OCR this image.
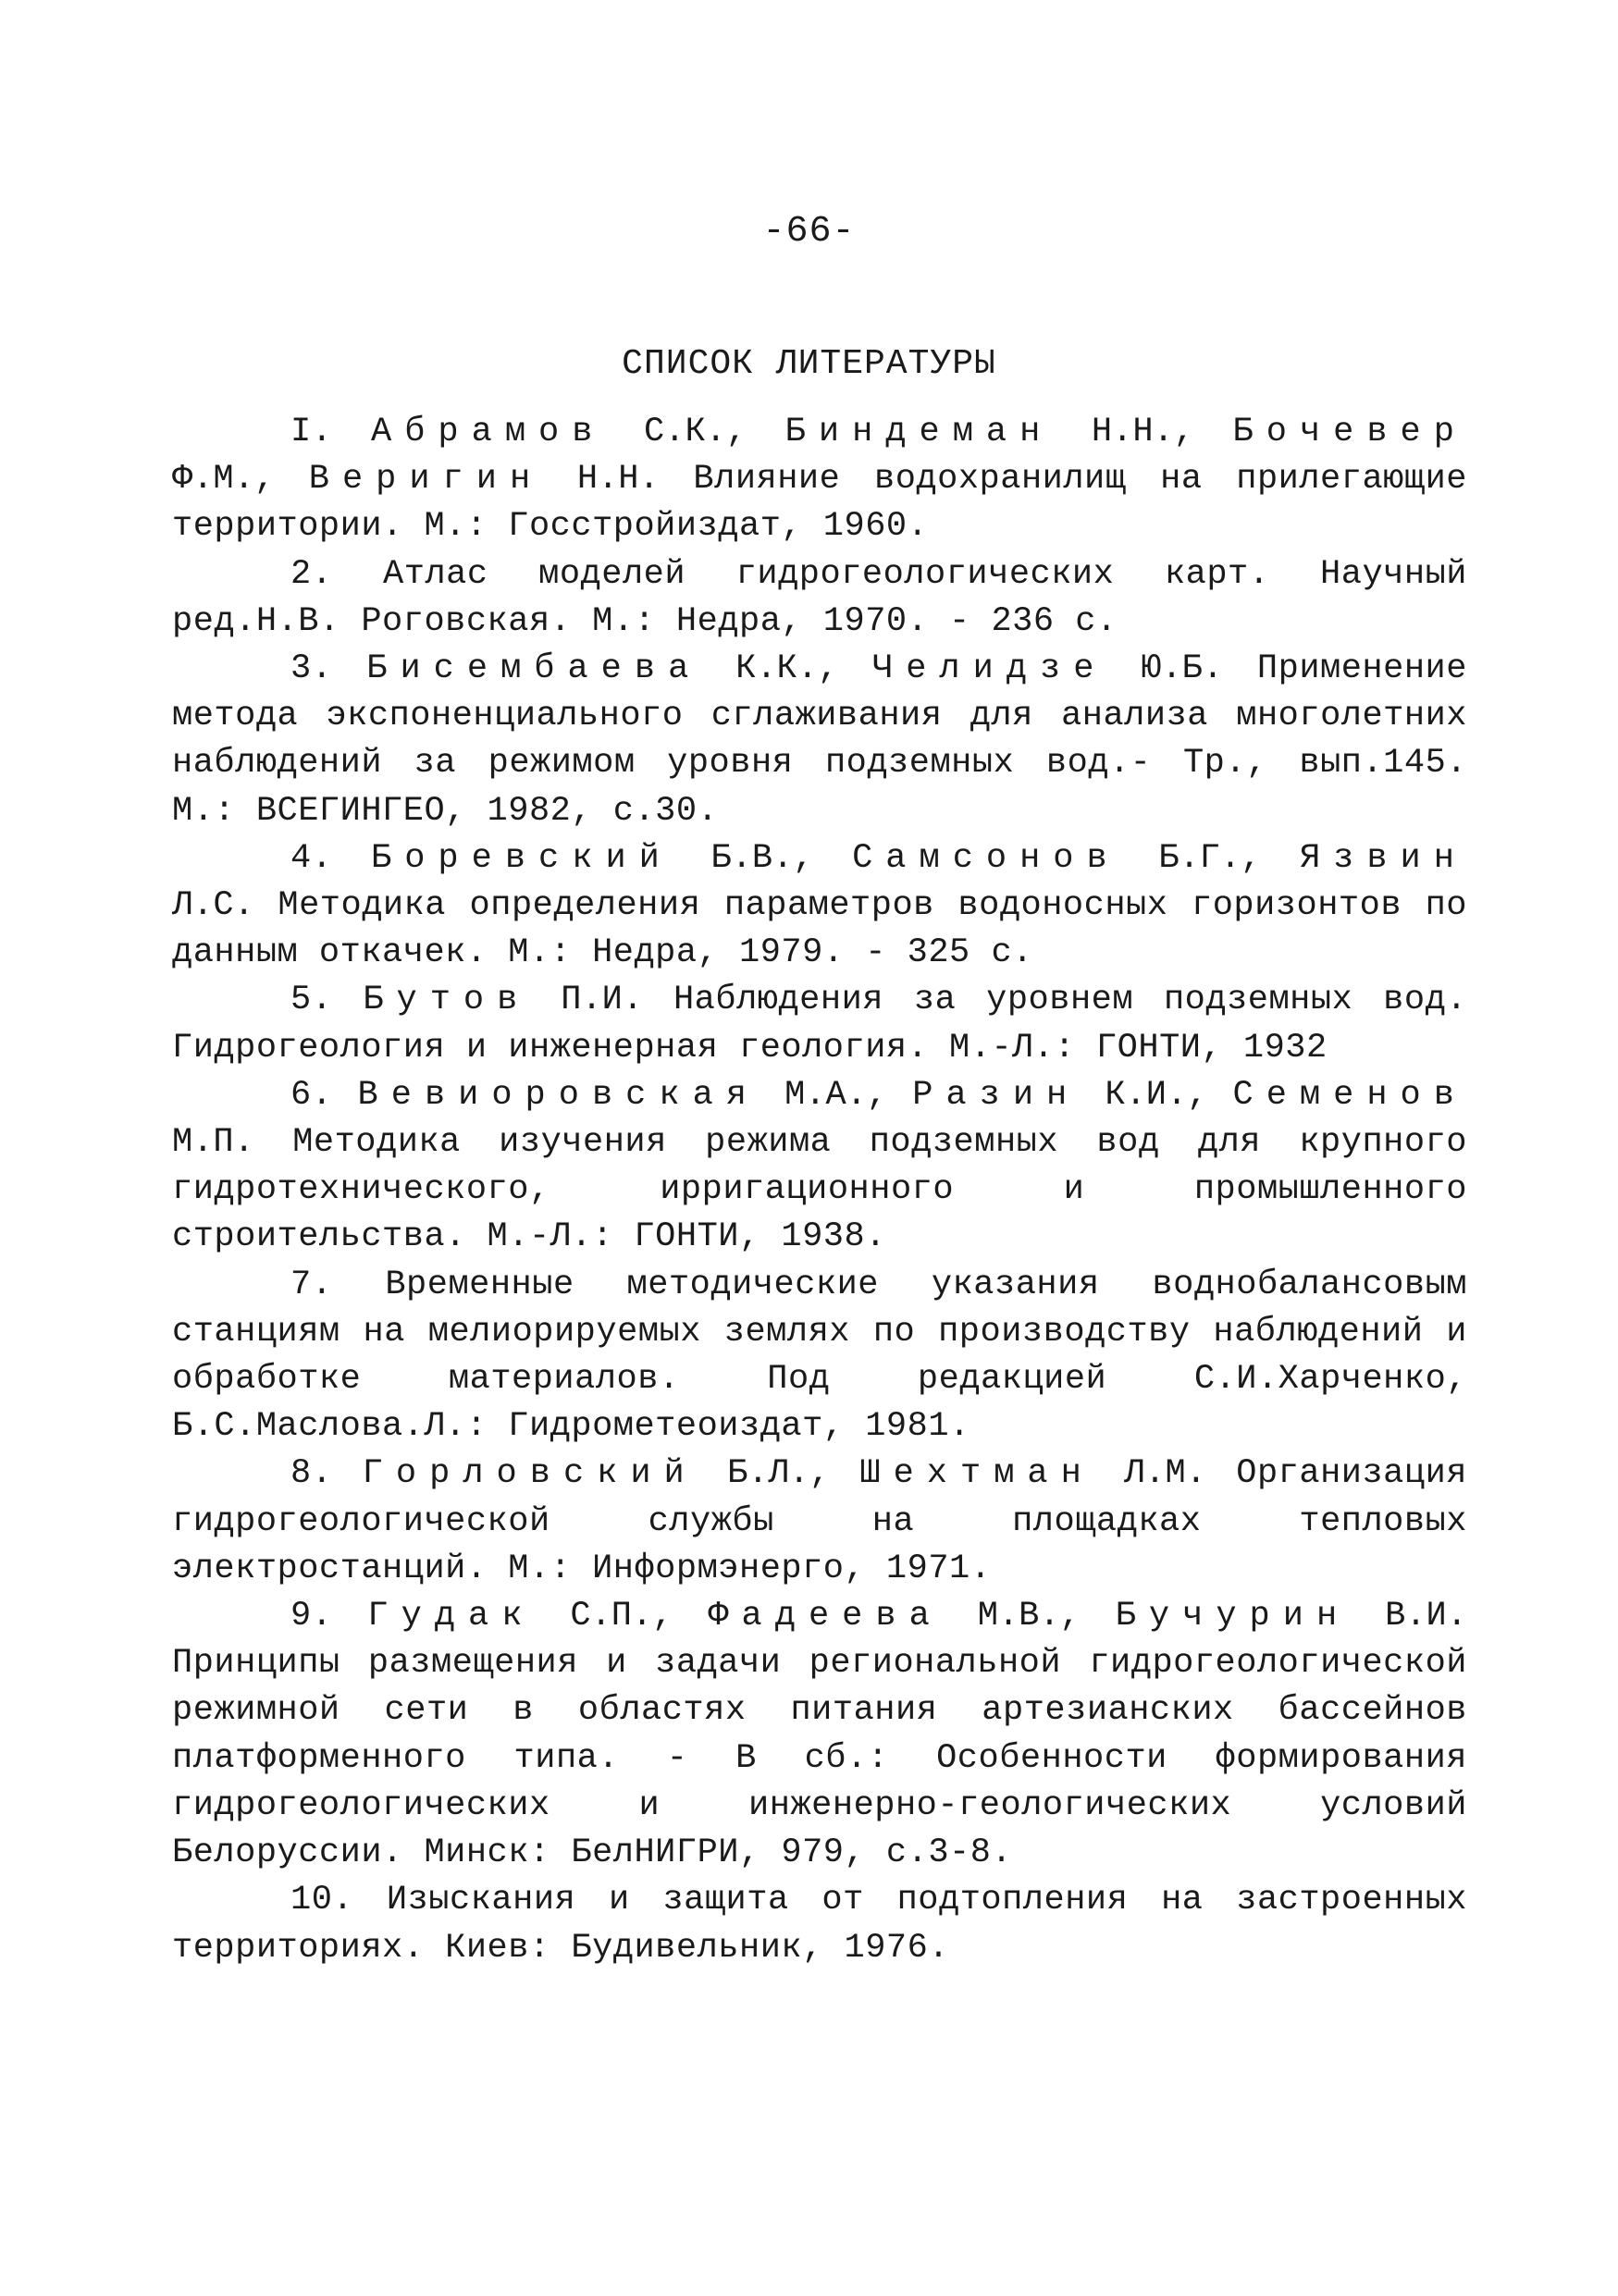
-66-
СПИСОК ЛИТЕРАТУРЫ

I. Абрамов С.К., Биндеман Н.Н., Бочевер Ф.М., Веригин Н.Н. Влияние водохранилищ на прилегающие территории. М.: Госстройиздат, 1960.

2. Атлас моделей гидрогеологических карт. Научный ред.Н.В. Роговская. М.: Недра, 1970. - 236 с.

3. Бисембаева К.К., Челидзе Ю.Б. Применение метода экспоненциального сглаживания для анализа многолетних наблюдений за режимом уровня подземных вод.- Тр., вып.145. М.: ВСЕГИНГЕО, 1982, с.30.

4. Боревский Б.В., Самсонов Б.Г., Язвин Л.С. Методика определения параметров водоносных горизонтов по данным откачек. М.: Недра, 1979. - 325 с.

5. Бутов П.И. Наблюдения за уровнем подземных вод. Гидрогеология и инженерная геология. М.-Л.: ГОНТИ, 1932

6. Вевиоровская М.А., Разин К.И., Семенов М.П. Методика изучения режима подземных вод для крупного гидротехнического, ирригационного и промышленного строительства. М.-Л.: ГОНТИ, 1938.

7. Временные методические указания воднобалансовым станциям на мелиорируемых землях по производству наблюдений и обработке материалов. Под редакцией С.И.Харченко, Б.С.Маслова.Л.: Гидрометеоиздат, 1981.

8. Горловский Б.Л., Шехтман Л.М. Организация гидрогеологической службы на площадках тепловых электростанций. М.: Информэнерго, 1971.

9. Гудак С.П., Фадеева М.В., Бучурин В.И. Принципы размещения и задачи региональной гидрогеологической режимной сети в областях питания артезианских бассейнов платформенного типа. - В сб.: Особенности формирования гидрогеологических и инженерно-геологических условий Белоруссии. Минск: БелНИГРИ, 979, с.3-8.

10. Изыскания и защита от подтопления на застроенных территориях. Киев: Будивельник, 1976.
